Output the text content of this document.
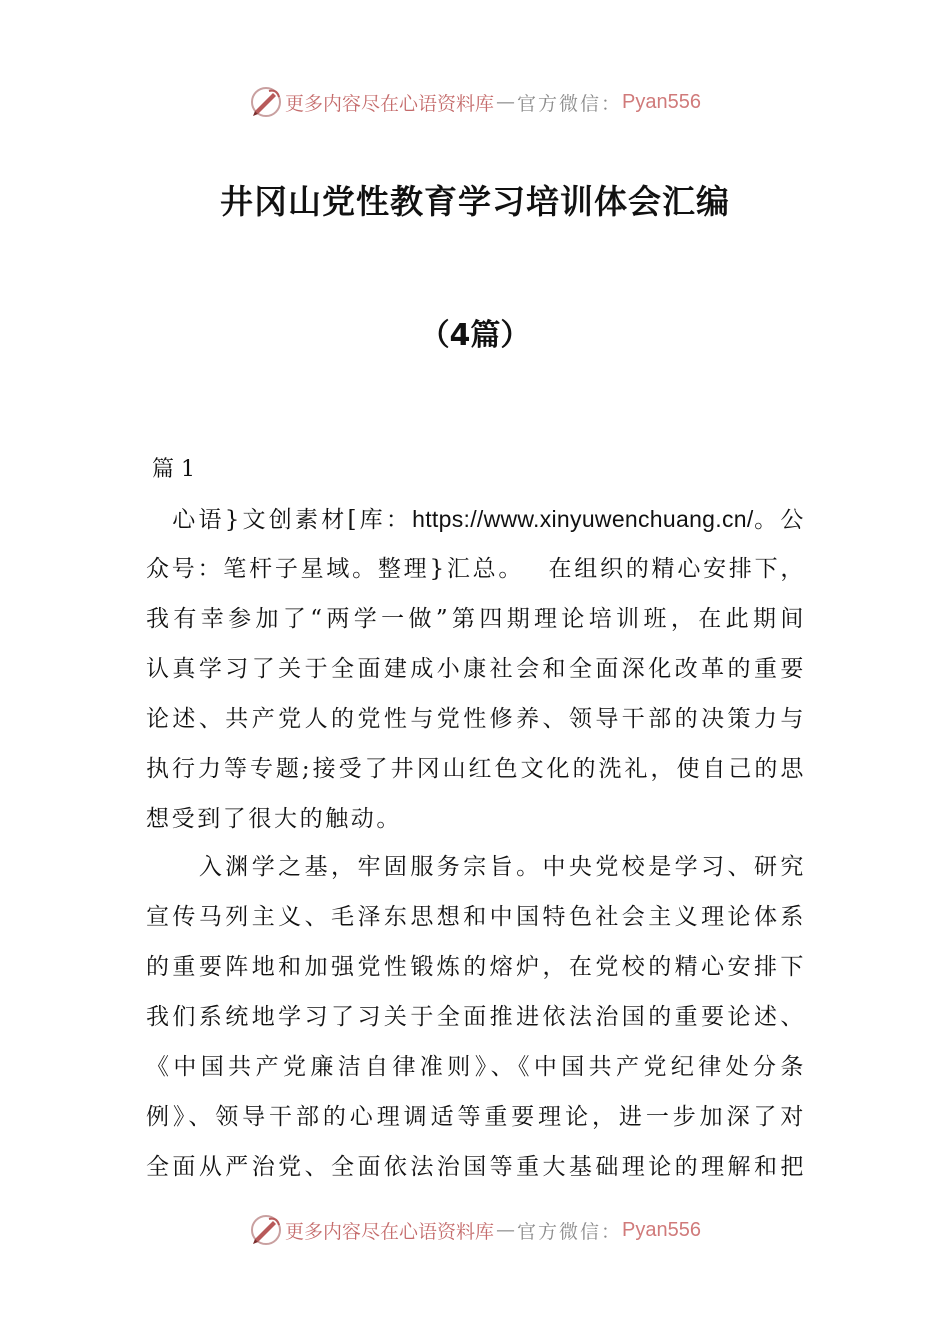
更多内容尽在心语资料库 — 官方微信： Pyan556
井冈山党性教育学习培训体会汇编
（4篇）
篇 1
　心语}文创素材[库：https://www.xinyuwenchuang.cn/。公
众号：笔杆子星域。整理}汇总。　 在组织的精心安排下，
我有幸参加了“两学一做”第四期理论培训班，在此期间
认真学习了关于全面建成小康社会和全面深化改革的重要
论述、共产党人的党性与党性修养、领导干部的决策力与
执行力等专题;接受了井冈山红色文化的洗礼，使自己的思
想受到了很大的触动。
　　入渊学之基，牢固服务宗旨。中央党校是学习、研究
宣传马列主义、毛泽东思想和中国特色社会主义理论体系
的重要阵地和加强党性锻炼的熔炉，在党校的精心安排下
我们系统地学习了习关于全面推进依法治国的重要论述、
《中国共产党廉洁自律准则》、《中国共产党纪律处分条
例》、领导干部的心理调适等重要理论，进一步加深了对
全面从严治党、全面依法治国等重大基础理论的理解和把
更多内容尽在心语资料库 — 官方微信： Pyan556
